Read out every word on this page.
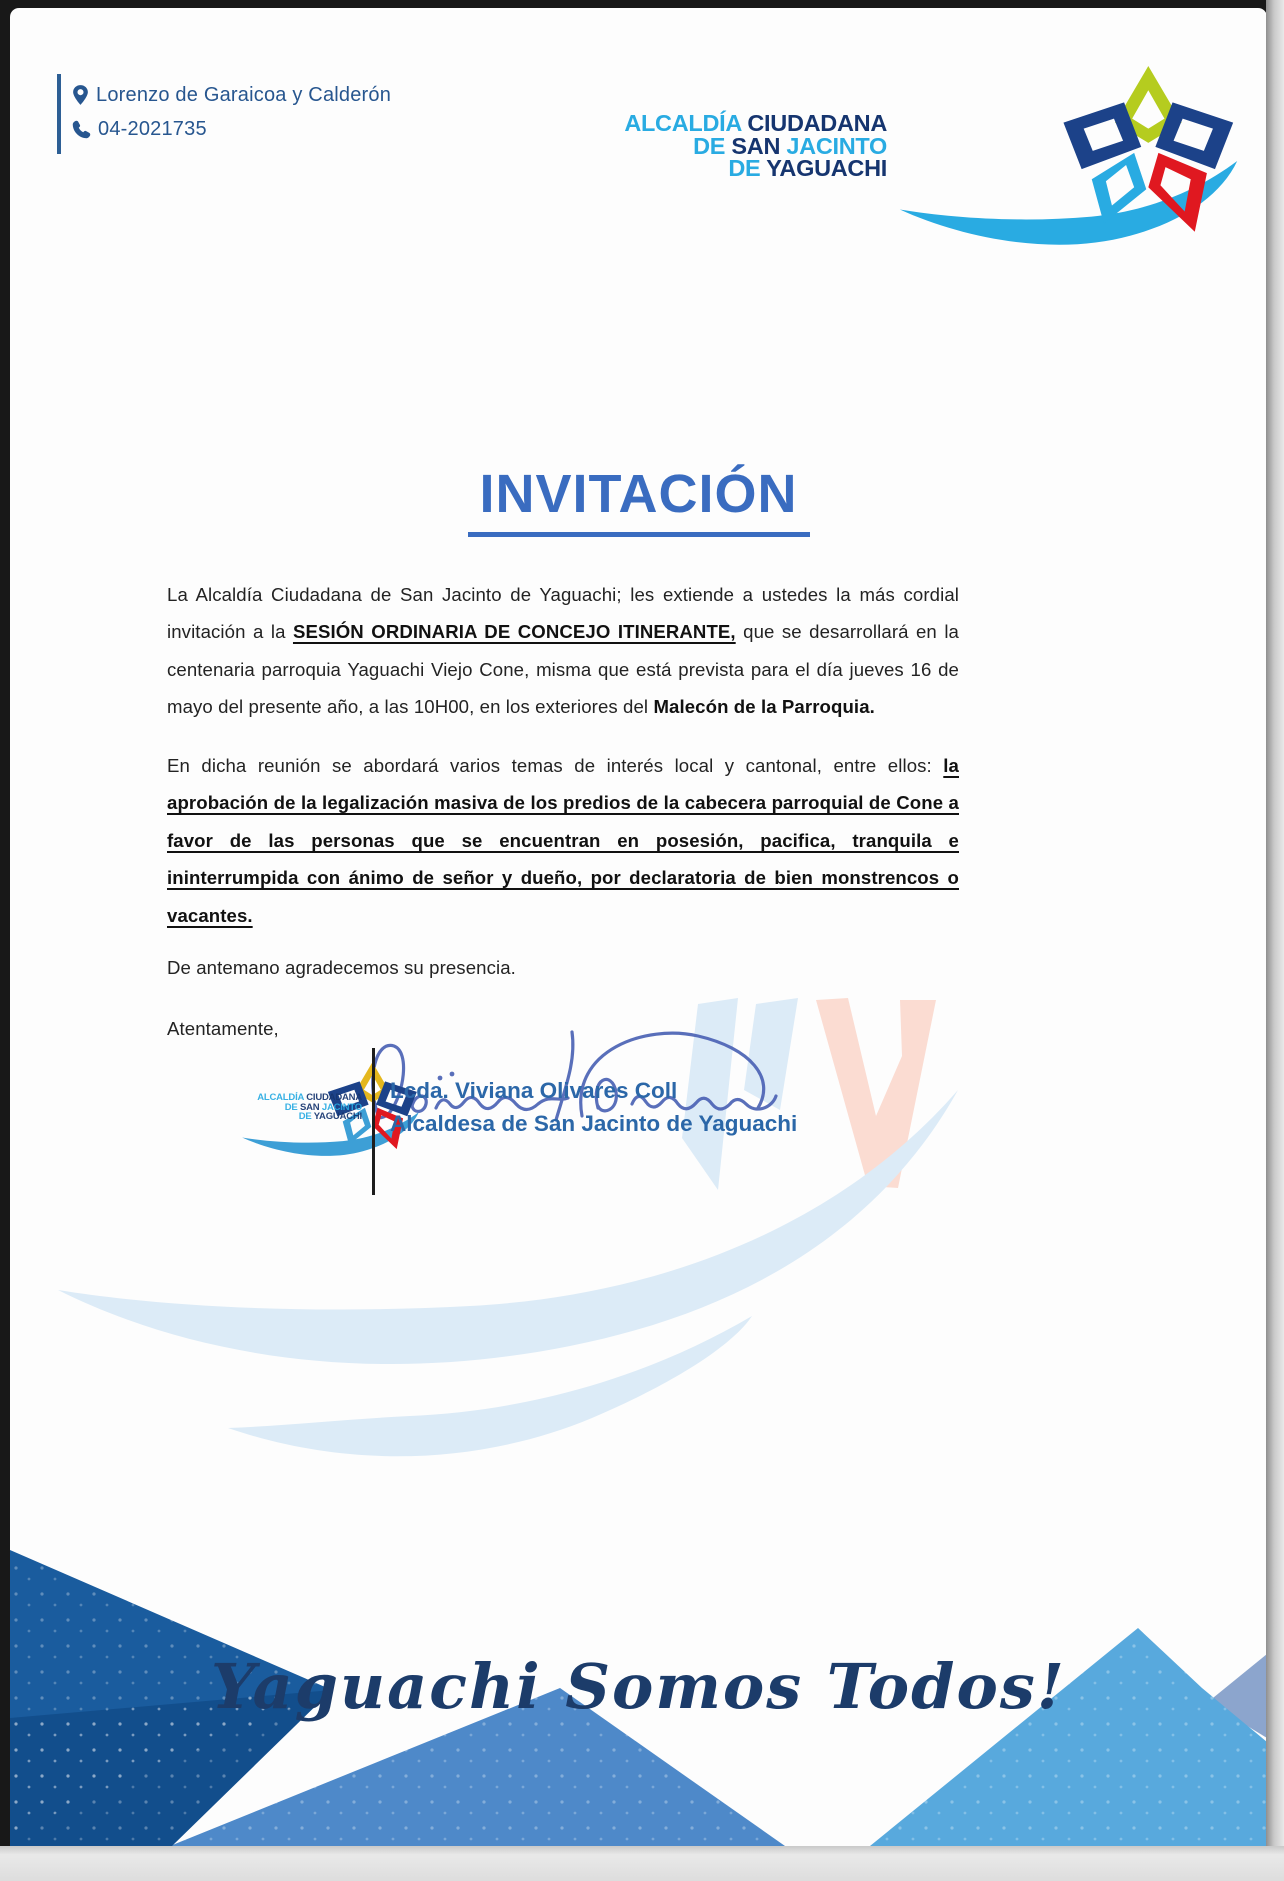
Lorenzo de Garaicoa y Calderón
04-2021735	ALCALDÍA CIUDADANA
DE SAN JACINTO
DE YAGUACHI
INVITACIÓN
La Alcaldía Ciudadana de San Jacinto de Yaguachi; les extiende a ustedes la más cordial invitación a la SESIÓN ORDINARIA DE CONCEJO ITINERANTE, que se desarrollará en la centenaria parroquia Yaguachi Viejo Cone, misma que está prevista para el día jueves 16 de mayo del presente año, a las 10H00, en los exteriores del Malecón de la Parroquia.
En dicha reunión se abordará varios temas de interés local y cantonal, entre ellos: la aprobación de la legalización masiva de los predios de la cabecera parroquial de Cone a favor de las personas que se encuentran en posesión, pacifica, tranquila e ininterrumpida con ánimo de señor y dueño, por declaratoria de bien monstrencos o vacantes.
De antemano agradecemos su presencia.
Atentamente,
ALCALDÍA CIUDADANA
DE SAN JACINTO
DE YAGUACHI
Lcda. Viviana Olivares Coll
Alcaldesa de San Jacinto de Yaguachi
Yaguachi Somos Todos!
